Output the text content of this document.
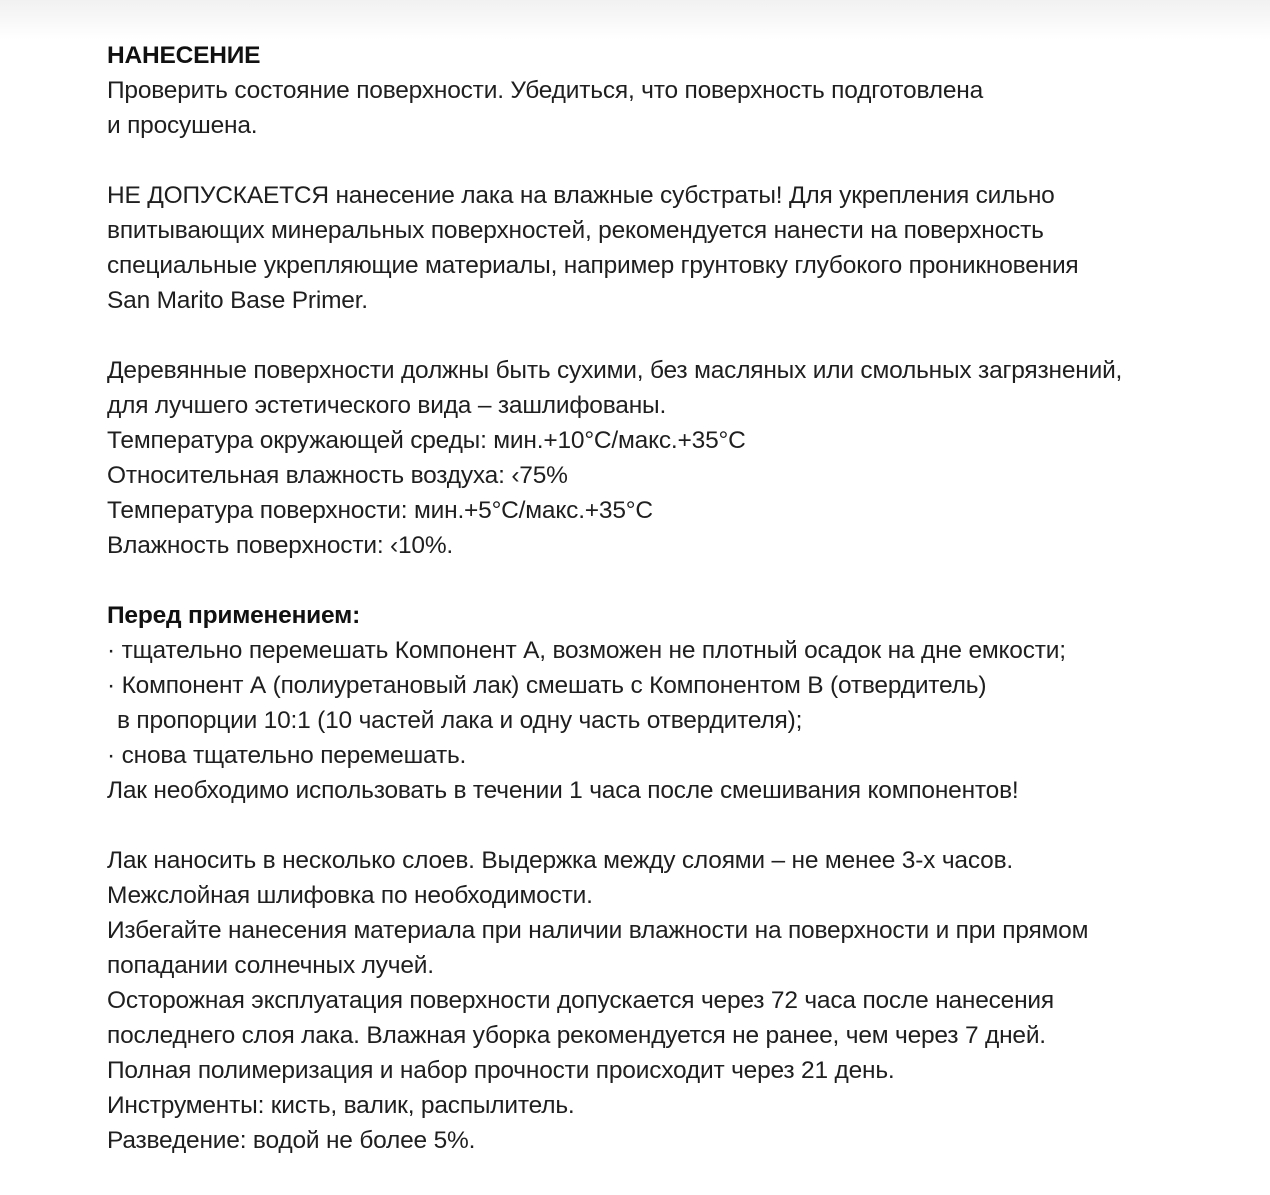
НАНЕСЕНИЕ
Проверить состояние поверхности. Убедиться, что поверхность подготовлена
и просушена.
НЕ ДОПУСКАЕТСЯ нанесение лака на влажные субстраты! Для укрепления сильно
впитывающих минеральных поверхностей, рекомендуется нанести на поверхность
специальные укрепляющие материалы, например грунтовку глубокого проникновения
San Marito Base Primer.
Деревянные поверхности должны быть сухими, без масляных или смольных загрязнений,
для лучшего эстетического вида – зашлифованы.
Температура окружающей среды: мин.+10°C/макс.+35°C
Относительная влажность воздуха: ‹75%
Температура поверхности: мин.+5°C/макс.+35°C
Влажность поверхности: ‹10%.
Перед применением:
· тщательно перемешать Компонент А, возможен не плотный осадок на дне емкости;
· Компонент А (полиуретановый лак) смешать с Компонентом В (отвердитель)
в пропорции 10:1 (10 частей лака и одну часть отвердителя);
· снова тщательно перемешать.
Лак необходимо использовать в течении 1 часа после смешивания компонентов!
Лак наносить в несколько слоев. Выдержка между слоями – не менее 3-х часов.
Межслойная шлифовка по необходимости.
Избегайте нанесения материала при наличии влажности на поверхности и при прямом
попадании солнечных лучей.
Осторожная эксплуатация поверхности допускается через 72 часа после нанесения
последнего слоя лака. Влажная уборка рекомендуется не ранее, чем через 7 дней.
Полная полимеризация и набор прочности происходит через 21 день.
Инструменты: кисть, валик, распылитель.
Разведение: водой не более 5%.
